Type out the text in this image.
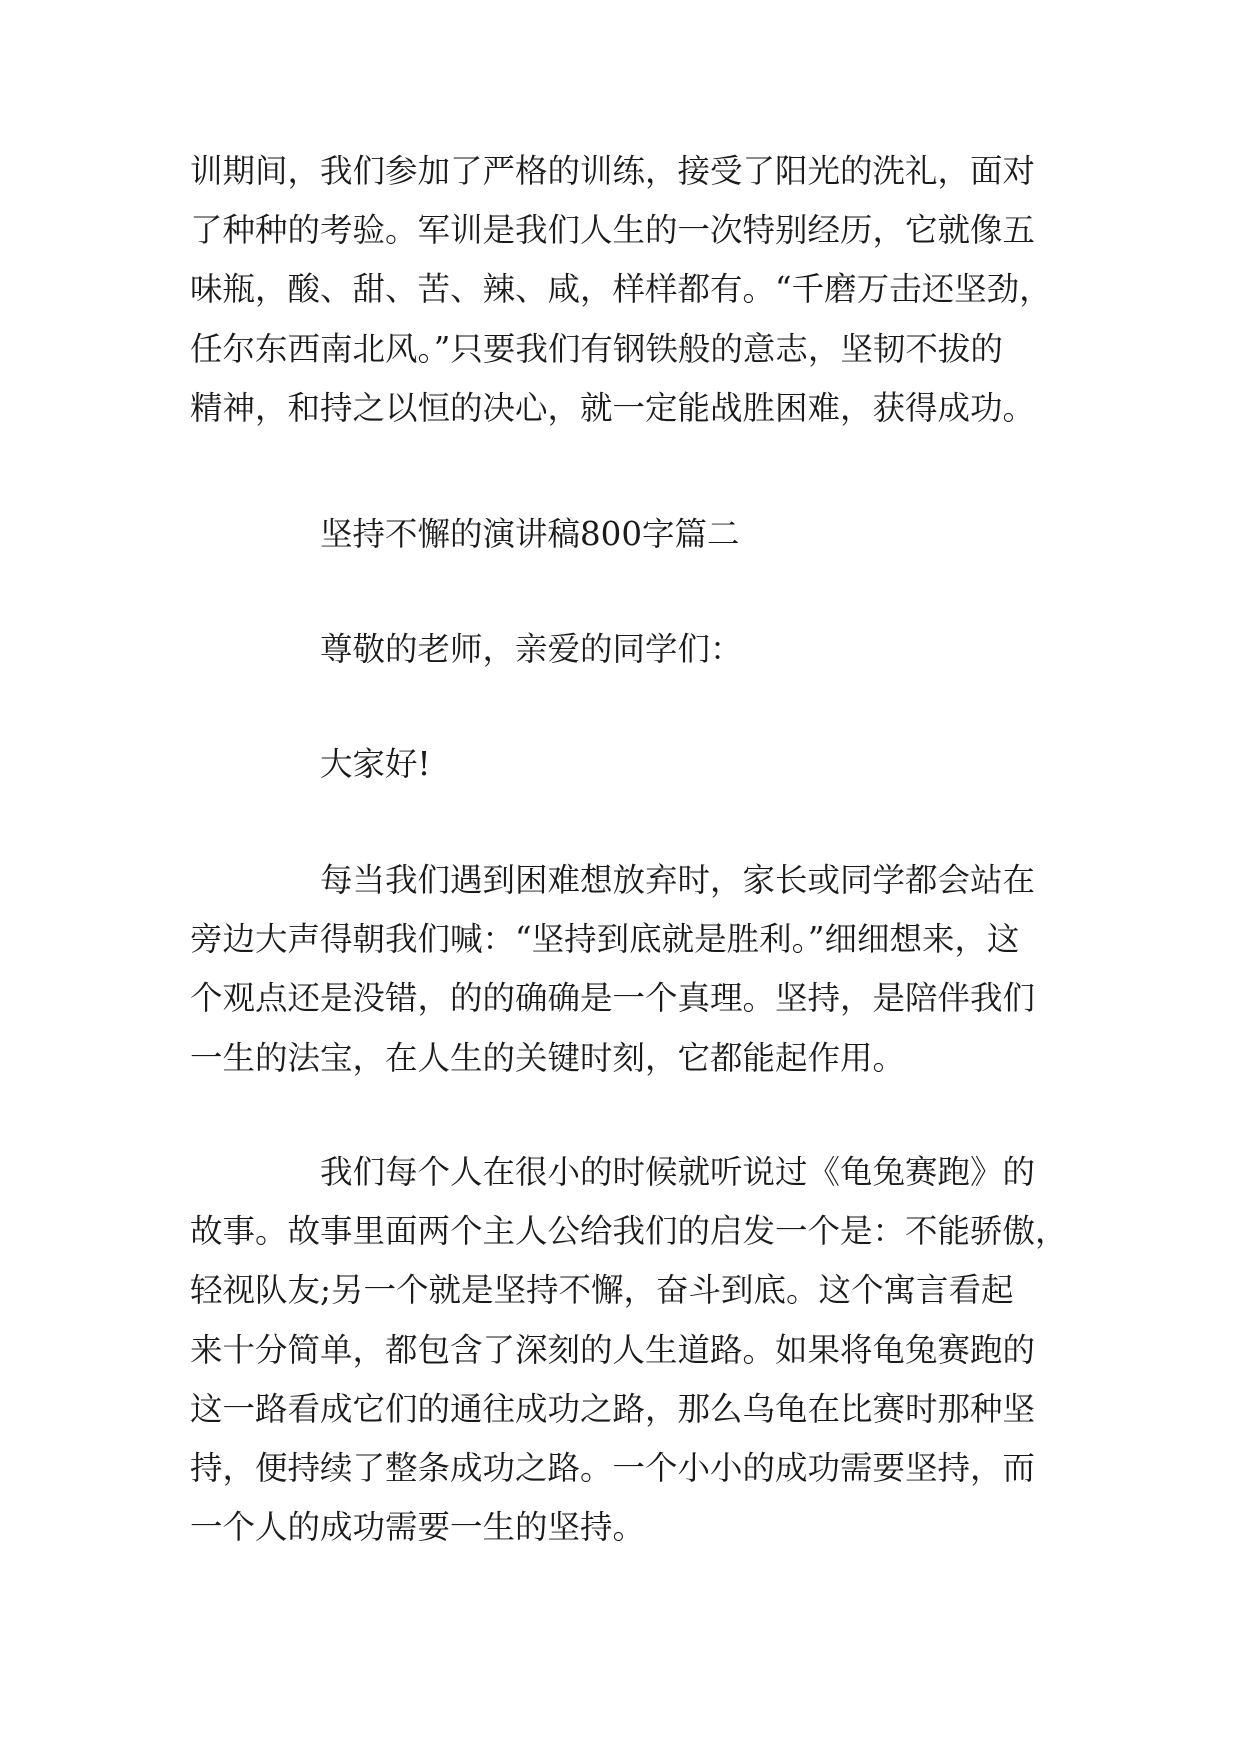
训期间，我们参加了严格的训练，接受了阳光的洗礼，面对
了种种的考验。军训是我们人生的一次特别经历，它就像五
味瓶，酸、甜、苦、辣、咸，样样都有。“千磨万击还坚劲，
任尔东西南北风。”只要我们有钢铁般的意志，坚韧不拔的
精神，和持之以恒的决心，就一定能战胜困难，获得成功。
坚持不懈的演讲稿800字篇二
尊敬的老师，亲爱的同学们：
大家好!
每当我们遇到困难想放弃时，家长或同学都会站在
旁边大声得朝我们喊：“坚持到底就是胜利。”细细想来，这
个观点还是没错，的的确确是一个真理。坚持，是陪伴我们
一生的法宝，在人生的关键时刻，它都能起作用。
我们每个人在很小的时候就听说过《龟兔赛跑》的
故事。故事里面两个主人公给我们的启发一个是：不能骄傲，
轻视队友;另一个就是坚持不懈，奋斗到底。这个寓言看起
来十分简单，都包含了深刻的人生道路。如果将龟兔赛跑的
这一路看成它们的通往成功之路，那么乌龟在比赛时那种坚
持，便持续了整条成功之路。一个小小的成功需要坚持，而
一个人的成功需要一生的坚持。
